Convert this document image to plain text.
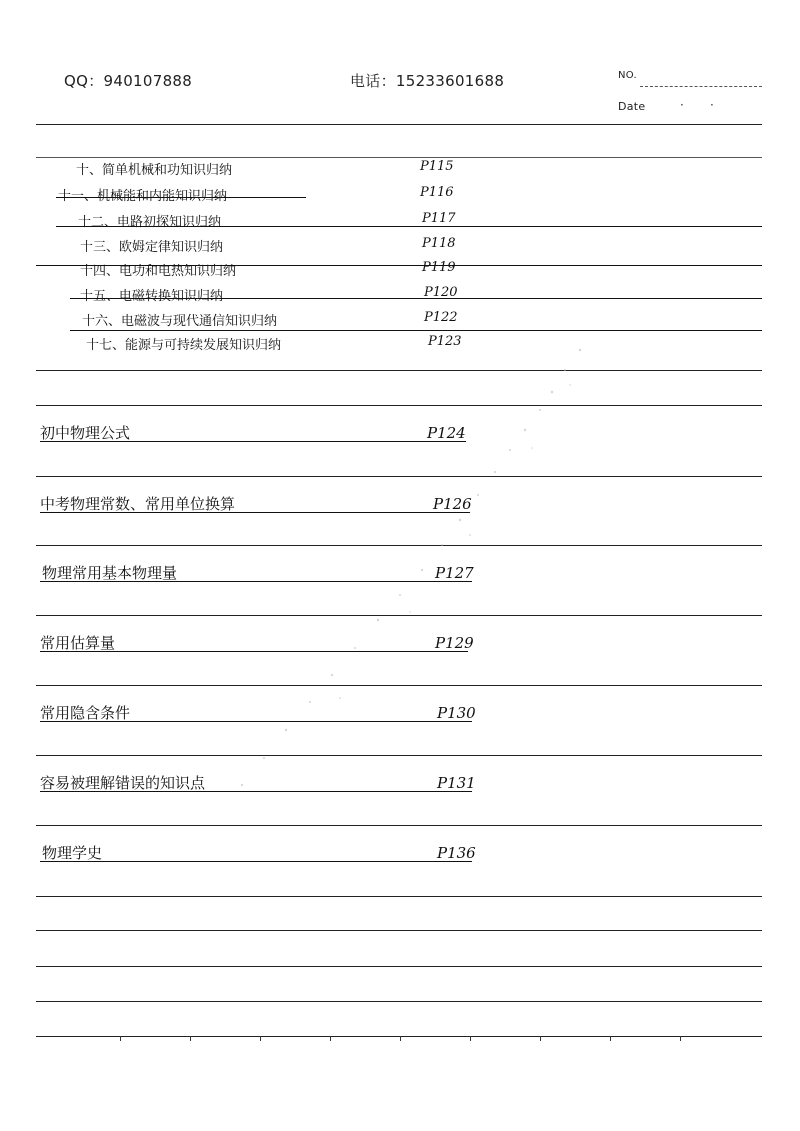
QQ：940107888	电话：15233601688	NO.
Date	· ·
十、简单机械和功知识归纳	P115
十一、机械能和内能知识归纳	P116
十二、电路初探知识归纳	P117
十三、欧姆定律知识归纳	P118
十四、电功和电热知识归纳	P119
十五、电磁转换知识归纳	P120
十六、电磁波与现代通信知识归纳	P122
十七、能源与可持续发展知识归纳	P123
初中物理公式	P124
中考物理常数、常用单位换算	P126
物理常用基本物理量	P127
常用估算量	P129
常用隐含条件	P130
容易被理解错误的知识点	P131
物理学史	P136
